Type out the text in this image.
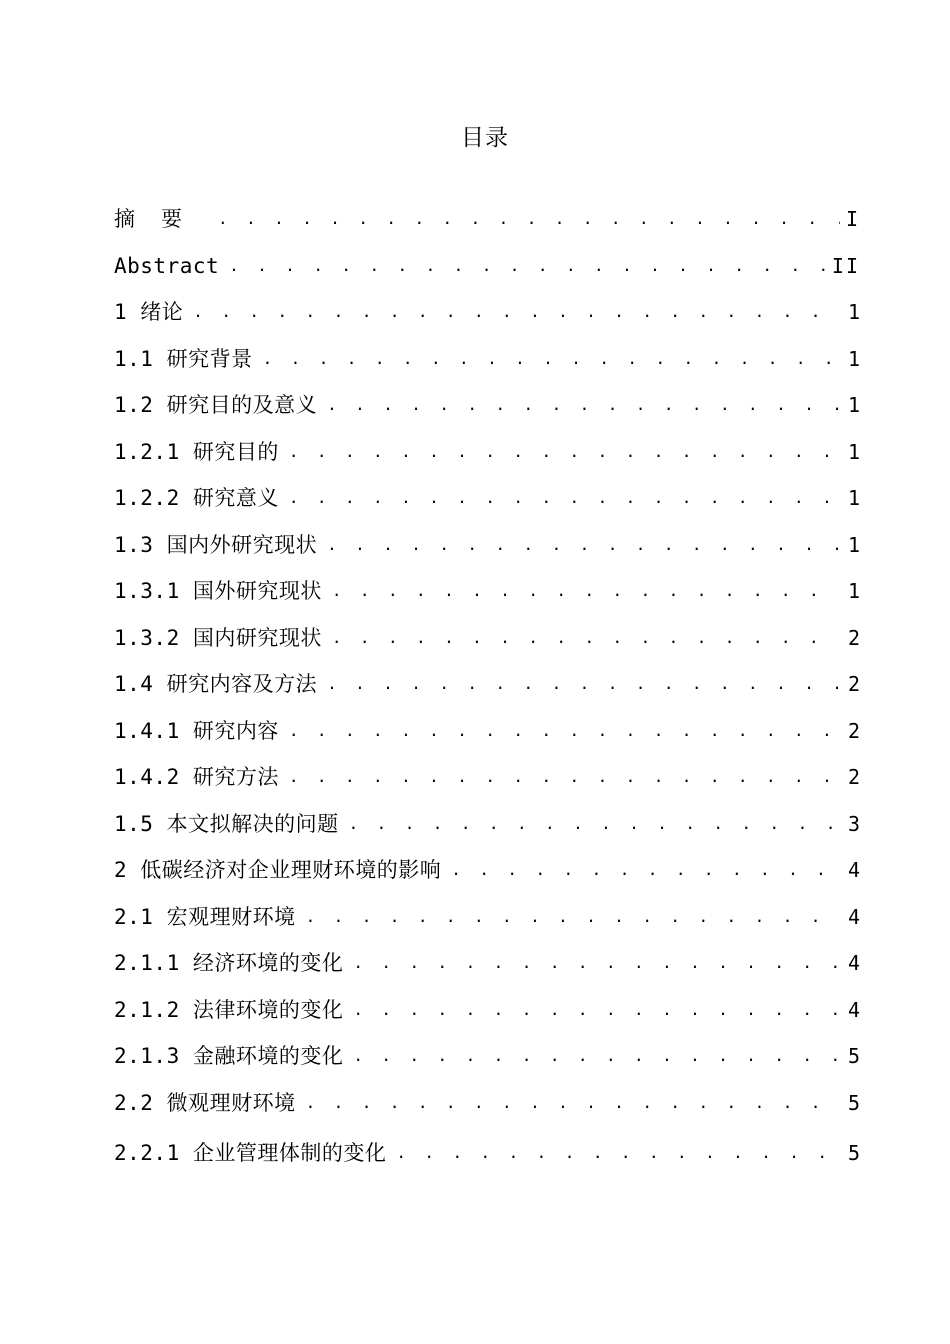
目录
摘要 . . .	I
Abstract . . .	II
1 绪论 . . .	1
1.1 研究背景 . . .	1
1.2 研究目的及意义 . . .	1
1.2.1 研究目的 . . .	1
1.2.2 研究意义 . . .	1
1.3 国内外研究现状 . . .	1
1.3.1 国外研究现状 . . .	1
1.3.2 国内研究现状 . . .	2
1.4 研究内容及方法 . . .	2
1.4.1 研究内容 . . .	2
1.4.2 研究方法 . . .	2
1.5 本文拟解决的问题 . . .	3
2 低碳经济对企业理财环境的影响 . . .	4
2.1 宏观理财环境 . . .	4
2.1.1 经济环境的变化 . . .	4
2.1.2 法律环境的变化 . . .	4
2.1.3 金融环境的变化 . . .	5
2.2 微观理财环境 . . .	5
2.2.1 企业管理体制的变化 . . .	5
